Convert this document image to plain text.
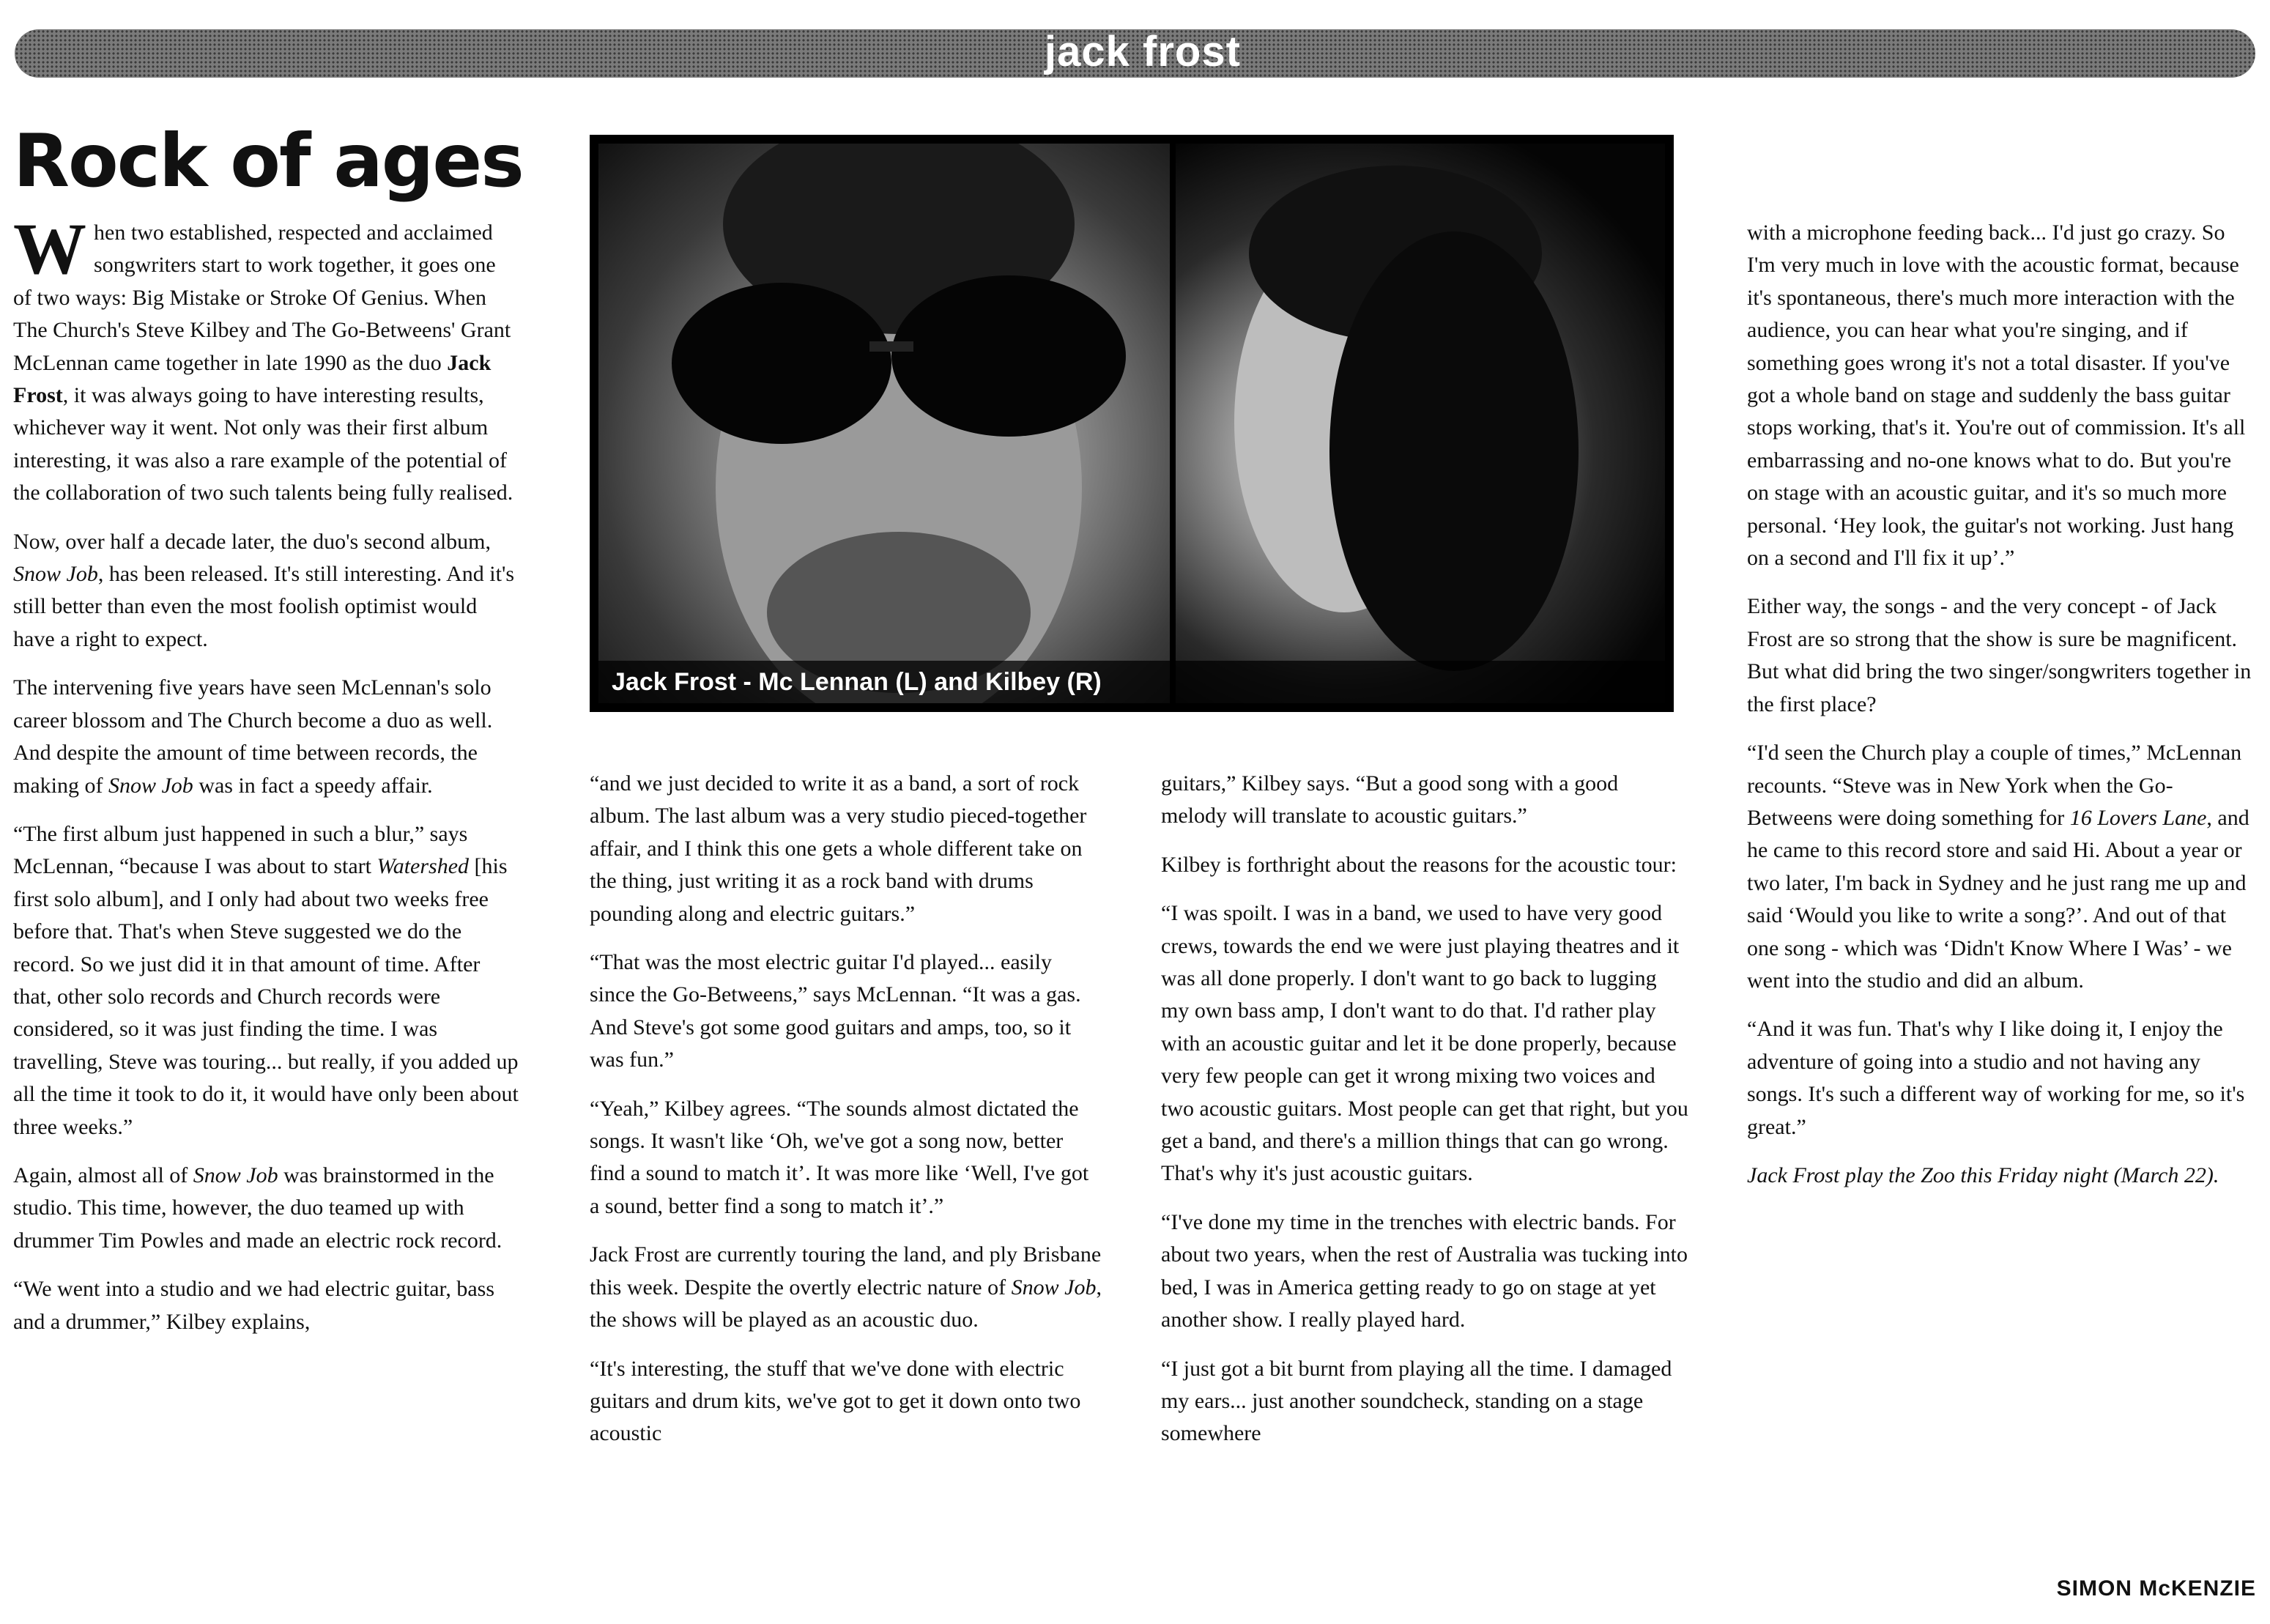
jack frost
Rock of ages

When two established, respected and acclaimed songwriters start to work together, it goes one of two ways: Big Mistake or Stroke Of Genius. When The Church's Steve Kilbey and The Go-Betweens' Grant McLennan came together in late 1990 as the duo Jack Frost, it was always going to have interesting results, whichever way it went. Not only was their first album interesting, it was also a rare example of the potential of the collaboration of two such talents being fully realised.

Now, over half a decade later, the duo's second album, Snow Job, has been released. It's still interesting. And it's still better than even the most foolish optimist would have a right to expect.

The intervening five years have seen McLennan's solo career blossom and The Church become a duo as well. And despite the amount of time between records, the making of Snow Job was in fact a speedy affair.

“The first album just happened in such a blur,” says McLennan, “because I was about to start Watershed [his first solo album], and I only had about two weeks free before that. That's when Steve suggested we do the record. So we just did it in that amount of time. After that, other solo records and Church records were considered, so it was just finding the time. I was travelling, Steve was touring... but really, if you added up all the time it took to do it, it would have only been about three weeks.”

Again, almost all of Snow Job was brainstormed in the studio. This time, however, the duo teamed up with drummer Tim Powles and made an electric rock record.

“We went into a studio and we had electric guitar, bass and a drummer,” Kilbey explains,

Jack Frost - Mc Lennan (L) and Kilbey (R)

“and we just decided to write it as a band, a sort of rock album. The last album was a very studio pieced-together affair, and I think this one gets a whole different take on the thing, just writing it as a rock band with drums pounding along and electric guitars.”

“That was the most electric guitar I'd played... easily since the Go-Betweens,” says McLennan. “It was a gas. And Steve's got some good guitars and amps, too, so it was fun.”

“Yeah,” Kilbey agrees. “The sounds almost dictated the songs. It wasn't like ‘Oh, we've got a song now, better find a sound to match it’. It was more like ‘Well, I've got a sound, better find a song to match it’.”

Jack Frost are currently touring the land, and ply Brisbane this week. Despite the overtly electric nature of Snow Job, the shows will be played as an acoustic duo.

“It's interesting, the stuff that we've done with electric guitars and drum kits, we've got to get it down onto two acoustic

guitars,” Kilbey says. “But a good song with a good melody will translate to acoustic guitars.”

Kilbey is forthright about the reasons for the acoustic tour:

“I was spoilt. I was in a band, we used to have very good crews, towards the end we were just playing theatres and it was all done properly. I don't want to go back to lugging my own bass amp, I don't want to do that. I'd rather play with an acoustic guitar and let it be done properly, because very few people can get it wrong mixing two voices and two acoustic guitars. Most people can get that right, but you get a band, and there's a million things that can go wrong. That's why it's just acoustic guitars.

“I've done my time in the trenches with electric bands. For about two years, when the rest of Australia was tucking into bed, I was in America getting ready to go on stage at yet another show. I really played hard.

“I just got a bit burnt from playing all the time. I damaged my ears... just another soundcheck, standing on a stage somewhere

with a microphone feeding back... I'd just go crazy. So I'm very much in love with the acoustic format, because it's spontaneous, there's much more interaction with the audience, you can hear what you're singing, and if something goes wrong it's not a total disaster. If you've got a whole band on stage and suddenly the bass guitar stops working, that's it. You're out of commission. It's all embarrassing and no-one knows what to do. But you're on stage with an acoustic guitar, and it's so much more personal. ‘Hey look, the guitar's not working. Just hang on a second and I'll fix it up’.”

Either way, the songs - and the very concept - of Jack Frost are so strong that the show is sure be magnificent. But what did bring the two singer/songwriters together in the first place?

“I'd seen the Church play a couple of times,” McLennan recounts. “Steve was in New York when the Go-Betweens were doing something for 16 Lovers Lane, and he came to this record store and said Hi. About a year or two later, I'm back in Sydney and he just rang me up and said ‘Would you like to write a song?’. And out of that one song - which was ‘Didn't Know Where I Was’ - we went into the studio and did an album.

“And it was fun. That's why I like doing it, I enjoy the adventure of going into a studio and not having any songs. It's such a different way of working for me, so it's great.”

Jack Frost play the Zoo this Friday night (March 22).

SIMON McKENZIE
